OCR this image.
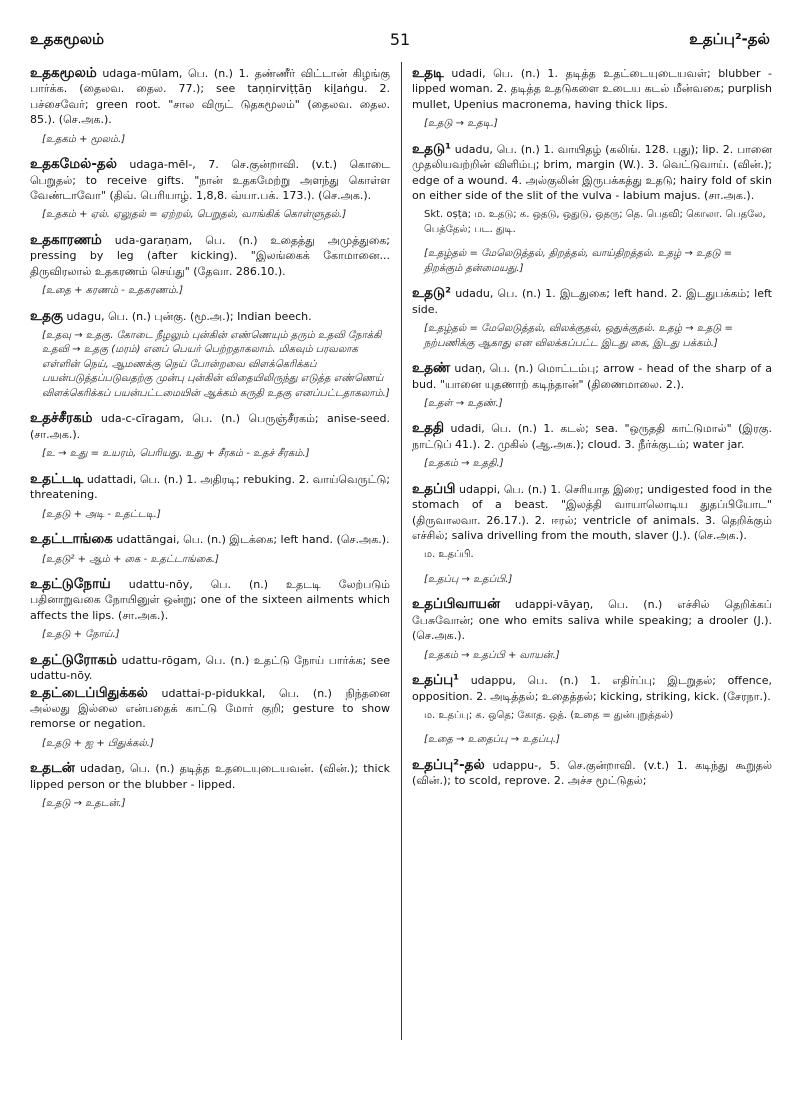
உதகமூலம்	51	உதப்பு²-தல்

உதகமூலம் udaga-mūlam, பெ. (n.) 1. தண்ணீர் விட்டான் கிழங்கு பார்க்க. (தைலவ. தைல. 77.); see taṇṇirviṭṭāṉ kiḻaṅgu. 2. பச்சைவேர்; green root. "சால விருட் டுதகமூலம்" (தைலவ. தைல. 85.). (செ.அக.).

[உதகம் + மூலம்.]

உதகமேல்-தல் udaga-mēl-, 7. செ.குன்றாவி. (v.t.) கொடை பெறுதல்; to receive gifts. "நான் உதகமேற்று அளந்து கொள்ள வேண்டாவோ" (திவ். பெரியாழ். 1,8,8. வ்யா.பக். 173.). (செ.அக.).

[உதகம் + ஏல். ஏலுதல் = ஏற்றல், பெறுதல், வாங்கிக் கொள்ளுதல்.]

உதகாரணம் uda-garaṇam, பெ. (n.) உதைத்து அமுத்துகை; pressing by leg (after kicking). "இலங்கைக் கோமானை... திருவிரலால் உதகரணம் செய்து" (தேவா. 286.10.).

[உதை + கரணம் - உதகரணம்.]

உதகு udagu, பெ. (n.) புன்கு. (மூ.அ.); Indian beech.

[உதவு → உதகு. கோடை நீழலும் புன்கின் எண்ணெயும் தரும் உதவி நோக்கி உதவி → உதகு (மரம்) எனப் பெயர் பெற்றதாகலாம். மிகவும் பரவலாக எள்ளின் நெய், ஆமணக்கு நெய் போன்றவை விளக்கெரிக்கப் பயன்படுத்தப்படுவதற்கு முன்பு புன்கின் விதையிலிருந்து எடுத்த எண்ணெய் விளக்கெரிக்கப் பயன்பட்டமையின் ஆக்கம் கருதி உதகு எனப்பட்டதாகலாம்.]

உதச்சீரகம் uda-c-cīragam, பெ. (n.) பெருஞ்சீரகம்; anise-seed. (சா.அக.).

[உ → உது = உயரம், பெரியது. உது + சீரகம் - உதச் சீரகம்.]

உதட்டடி udattadi, பெ. (n.) 1. அதிரடி; rebuking. 2. வாய்வெருட்டு; threatening.

[உதடு + அடி - உதட்டடி.]

உதட்டாங்கை udattāngai, பெ. (n.) இடக்கை; left hand. (செ.அக.).

[உதடு² + ஆம் + கை - உதட்டாங்கை.]

உதட்டுநோய் udattu-nōy, பெ. (n.) உதடடி லேற்படும் பதினாறுவகை நோயினுள் ஒன்று; one of the sixteen ailments which affects the lips. (சா.அக.).

[உதடு + நோய்.]

உதட்டுரோகம் udattu-rōgam, பெ. (n.) உதட்டு நோய் பார்க்க; see udattu-nōy.

உதட்டைப்பிதுக்கல் udattai-p-pidukkal, பெ. (n.) நிந்தனை அல்லது இல்லை என்பதைக் காட்டு மோர் குறி; gesture to show remorse or negation.

[உதடு + ஐ + பிதுக்கல்.]

உதடன் udadaṉ, பெ. (n.) தடித்த உதடையுடையவன். (வின்.); thick lipped person or the blubber - lipped.

[உதடு → உதடன்.]

உதடி udadi, பெ. (n.) 1. தடித்த உதட்டையுடையவள்; blubber - lipped woman. 2. தடித்த உதடுகளை உடைய கடல் மீன்வகை; purplish mullet, Upenius macronema, having thick lips.

[உதடு → உதடி.]

உதடு¹ udadu, பெ. (n.) 1. வாயிதழ் (கலிங். 128. புது); lip. 2. பானை முதலியவற்றின் விளிம்பு; brim, margin (W.). 3. வெட்டுவாய். (வின்.); edge of a wound. 4. அல்குலின் இருபக்கத்து உதடு; hairy fold of skin on either side of the slit of the vulva - labium majus. (சா.அக.).

Skt. oṣṭa; ம. உதடு; க. ஒதடு, ஒதுடு, ஒதரு; தெ. பெதவி; கொலா. பெதலே, பெத்தேல்; பட. துடி.
[உதழ்தல் = மேலெடுத்தல், திறத்தல், வாய்திறத்தல். உதழ் → உதடு = திறக்கும் தன்மையது.]

உதடு² udadu, பெ. (n.) 1. இடதுகை; left hand. 2. இடதுபக்கம்; left side.

[உதழ்தல் = மேலெடுத்தல், விலக்குதல், ஒதுக்குதல். உதழ் → உதடு = நற்பணிக்கு ஆகாது என விலக்கப்பட்ட இடது கை, இடது பக்கம்.]

உதண் udaṇ, பெ. (n.) மொட்டம்பு; arrow - head of the sharp of a bud. "யானை யுதணாற் கடிந்தான்" (திணைமாலை. 2.).

[உதள் → உதண்.]

உததி udadi, பெ. (n.) 1. கடல்; sea. "ஒருததி காட்டுமால்" (இரகு. நாட்டுப் 41.). 2. முகில் (ஆ.அக.); cloud. 3. நீர்க்குடம்; water jar.

[உதகம் → உததி.]

உதப்பி udappi, பெ. (n.) 1. செரியாத இரை; undigested food in the stomach of a beast. "இலத்தி வாயாலொடிய துதப்பியோட" (திருவாலவா. 26.17.). 2. ஈரல்; ventricle of animals. 3. தெறிக்கும் எச்சில்; saliva drivelling from the mouth, slaver (J.). (செ.அக.).

ம. உதப்பி.
[உதப்பு → உதப்பி.]

உதப்பிவாயன் udappi-vāyaṉ, பெ. (n.) எச்சில் தெறிக்கப் பேசுவோன்; one who emits saliva while speaking; a drooler (J.). (செ.அக.).

[உதகம் → உதப்பி + வாயன்.]

உதப்பு¹ udappu, பெ. (n.) 1. எதிர்ப்பு; இடறுதல்; offence, opposition. 2. அடித்தல்; உதைத்தல்; kicking, striking, kick. (சேரநா.).

ம. உதப்பு; க. ஒதெ; கோத. ஒத். (உதை = துன்புறுத்தல்)
[உதை → உதைப்பு → உதப்பு.]

உதப்பு²-தல் udappu-, 5. செ.குன்றாவி. (v.t.) 1. கடிந்து கூறுதல் (வின்.); to scold, reprove. 2. அச்ச மூட்டுதல்;
